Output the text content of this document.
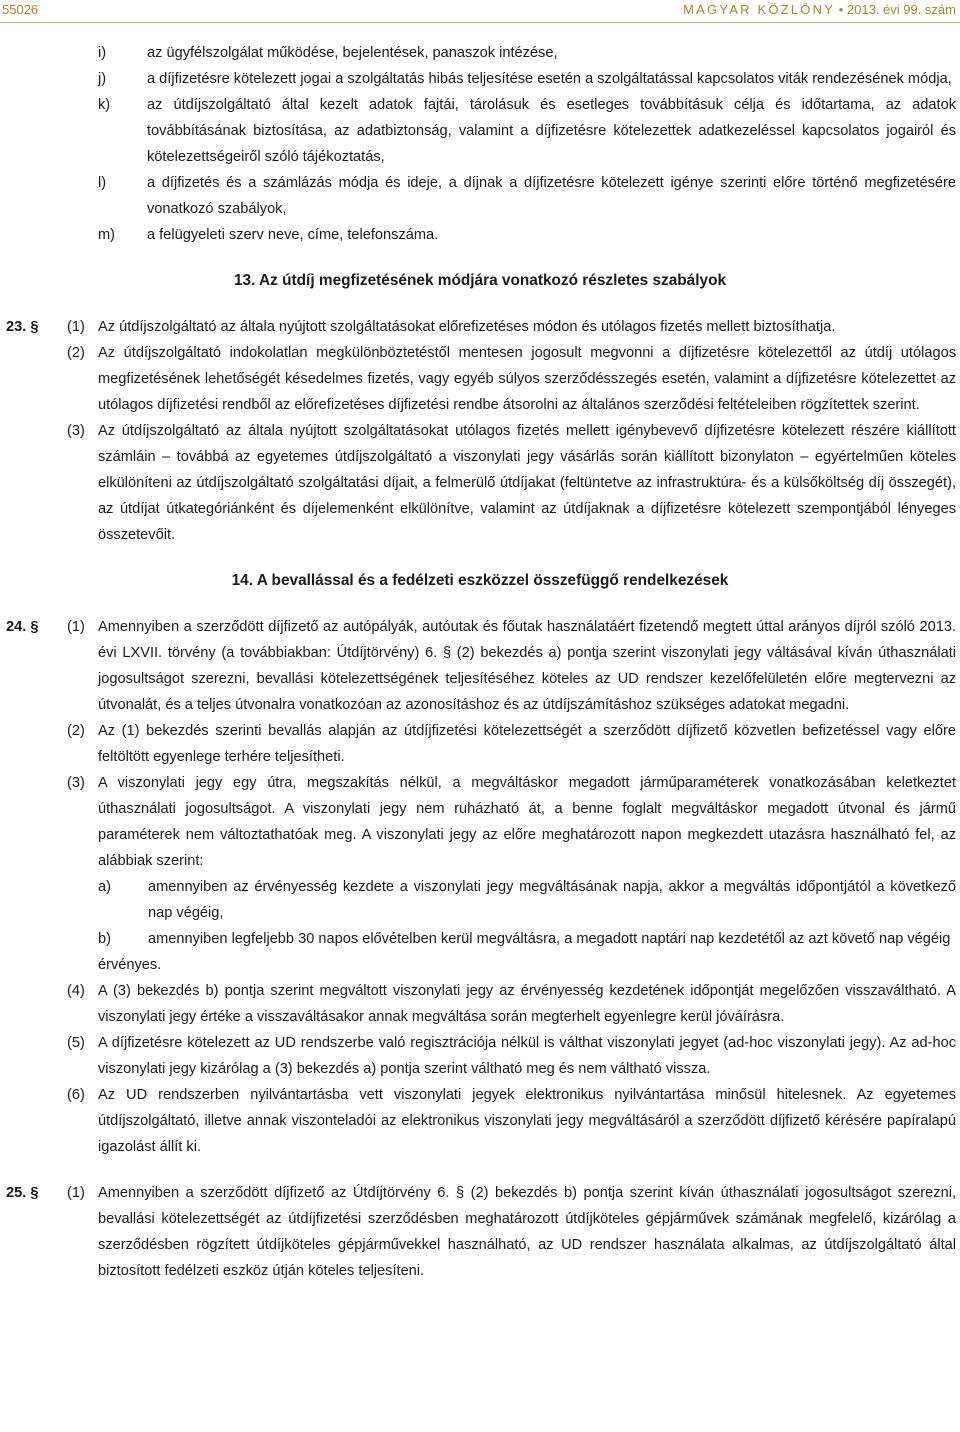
55026	MAGYAR KÖZLÖNY • 2013. évi 99. szám
i)	az ügyfélszolgálat működése, bejelentések, panaszok intézése,
j)	a díjfizetésre kötelezett jogai a szolgáltatás hibás teljesítése esetén a szolgáltatással kapcsolatos viták rendezésének módja,
k)	az útdíjszolgáltató által kezelt adatok fajtái, tárolásuk és esetleges továbbításuk célja és időtartama, az adatok továbbításának biztosítása, az adatbiztonság, valamint a díjfizetésre kötelezettek adatkezeléssel kapcsolatos jogairól és kötelezettségeiről szóló tájékoztatás,
l)	a díjfizetés és a számlázás módja és ideje, a díjnak a díjfizetésre kötelezett igénye szerinti előre történő megfizetésére vonatkozó szabályok,
m) a felügyeleti szerv neve, címe, telefonszáma.
13. Az útdíj megfizetésének módjára vonatkozó részletes szabályok
23. § (1) Az útdíjszolgáltató az általa nyújtott szolgáltatásokat előrefizetéses módon és utólagos fizetés mellett biztosíthatja.
(2) Az útdíjszolgáltató indokolatlan megkülönböztetéstől mentesen jogosult megvonni a díjfizetésre kötelezettől az útdíj utólagos megfizetésének lehetőségét késedelmes fizetés, vagy egyéb súlyos szerződésszegés esetén, valamint a díjfizetésre kötelezettet az utólagos díjfizetési rendből az előrefizetéses díjfizetési rendbe átsorolni az általános szerződési feltételeiben rögzítettek szerint.
(3) Az útdíjszolgáltató az általa nyújtott szolgáltatásokat utólagos fizetés mellett igénybevevő díjfizetésre kötelezett részére kiállított számláin – továbbá az egyetemes útdíjszolgáltató a viszonylati jegy vásárlás során kiállított bizonylaton – egyértelműen köteles elkülöníteni az útdíjszolgáltató szolgáltatási díjait, a felmerülő útdíjakat (feltüntetve az infrastruktúra- és a külsőköltség díj összegét), az útdíjat útkategóriánként és díjelemenként elkülönítve, valamint az útdíjaknak a díjfizetésre kötelezett szempontjából lényeges összetevőit.
14. A bevallással és a fedélzeti eszközzel összefüggő rendelkezések
24. § (1) Amennyiben a szerződött díjfizető az autópályák, autóutak és főutak használatáért fizetendő megtett úttal arányos díjról szóló 2013. évi LXVII. törvény (a továbbiakban: Útdíjtörvény) 6. § (2) bekezdés a) pontja szerint viszonylati jegy váltásával kíván úthasználati jogosultságot szerezni, bevallási kötelezettségének teljesítéséhez köteles az UD rendszer kezelőfelületén előre megtervezni az útvonalát, és a teljes útvonalra vonatkozóan az azonosításhoz és az útdíjszámításhoz szükséges adatokat megadni.
(2) Az (1) bekezdés szerinti bevallás alapján az útdíjfizetési kötelezettségét a szerződött díjfizető közvetlen befizetéssel vagy előre feltöltött egyenlege terhére teljesítheti.
(3) A viszonylati jegy egy útra, megszakítás nélkül, a megváltáskor megadott járműparaméterek vonatkozásában keletkeztet úthasználati jogosultságot. A viszonylati jegy nem ruházható át, a benne foglalt megváltáskor megadott útvonal és jármű paraméterek nem változtathatóak meg. A viszonylati jegy az előre meghatározott napon megkezdett utazásra használható fel, az alábbiak szerint:
a)	amennyiben az érvényesség kezdete a viszonylati jegy megváltásának napja, akkor a megváltás időpontjától a következő nap végéig,
b)	amennyiben legfeljebb 30 napos elővételben kerül megváltásra, a megadott naptári nap kezdetétől az azt követő nap végéig
érvényes.
(4) A (3) bekezdés b) pontja szerint megváltott viszonylati jegy az érvényesség kezdetének időpontját megelőzően visszaváltható. A viszonylati jegy értéke a visszaváltásakor annak megváltása során megterhelt egyenlegre kerül jóváírásra.
(5) A díjfizetésre kötelezett az UD rendszerbe való regisztrációja nélkül is válthat viszonylati jegyet (ad-hoc viszonylati jegy). Az ad-hoc viszonylati jegy kizárólag a (3) bekezdés a) pontja szerint váltható meg és nem váltható vissza.
(6) Az UD rendszerben nyilvántartásba vett viszonylati jegyek elektronikus nyilvántartása minősül hitelesnek. Az egyetemes útdíjszolgáltató, illetve annak viszonteladói az elektronikus viszonylati jegy megváltásáról a szerződött díjfizető kérésére papíralapú igazolást állít ki.
25. § (1) Amennyiben a szerződött díjfizető az Útdíjtörvény 6. § (2) bekezdés b) pontja szerint kíván úthasználati jogosultságot szerezni, bevallási kötelezettségét az útdíjfizetési szerződésben meghatározott útdíjköteles gépjárművek számának megfelelő, kizárólag a szerződésben rögzített útdíjköteles gépjárművekkel használható, az UD rendszer használata alkalmas, az útdíjszolgáltató által biztosított fedélzeti eszköz útján köteles teljesíteni.
